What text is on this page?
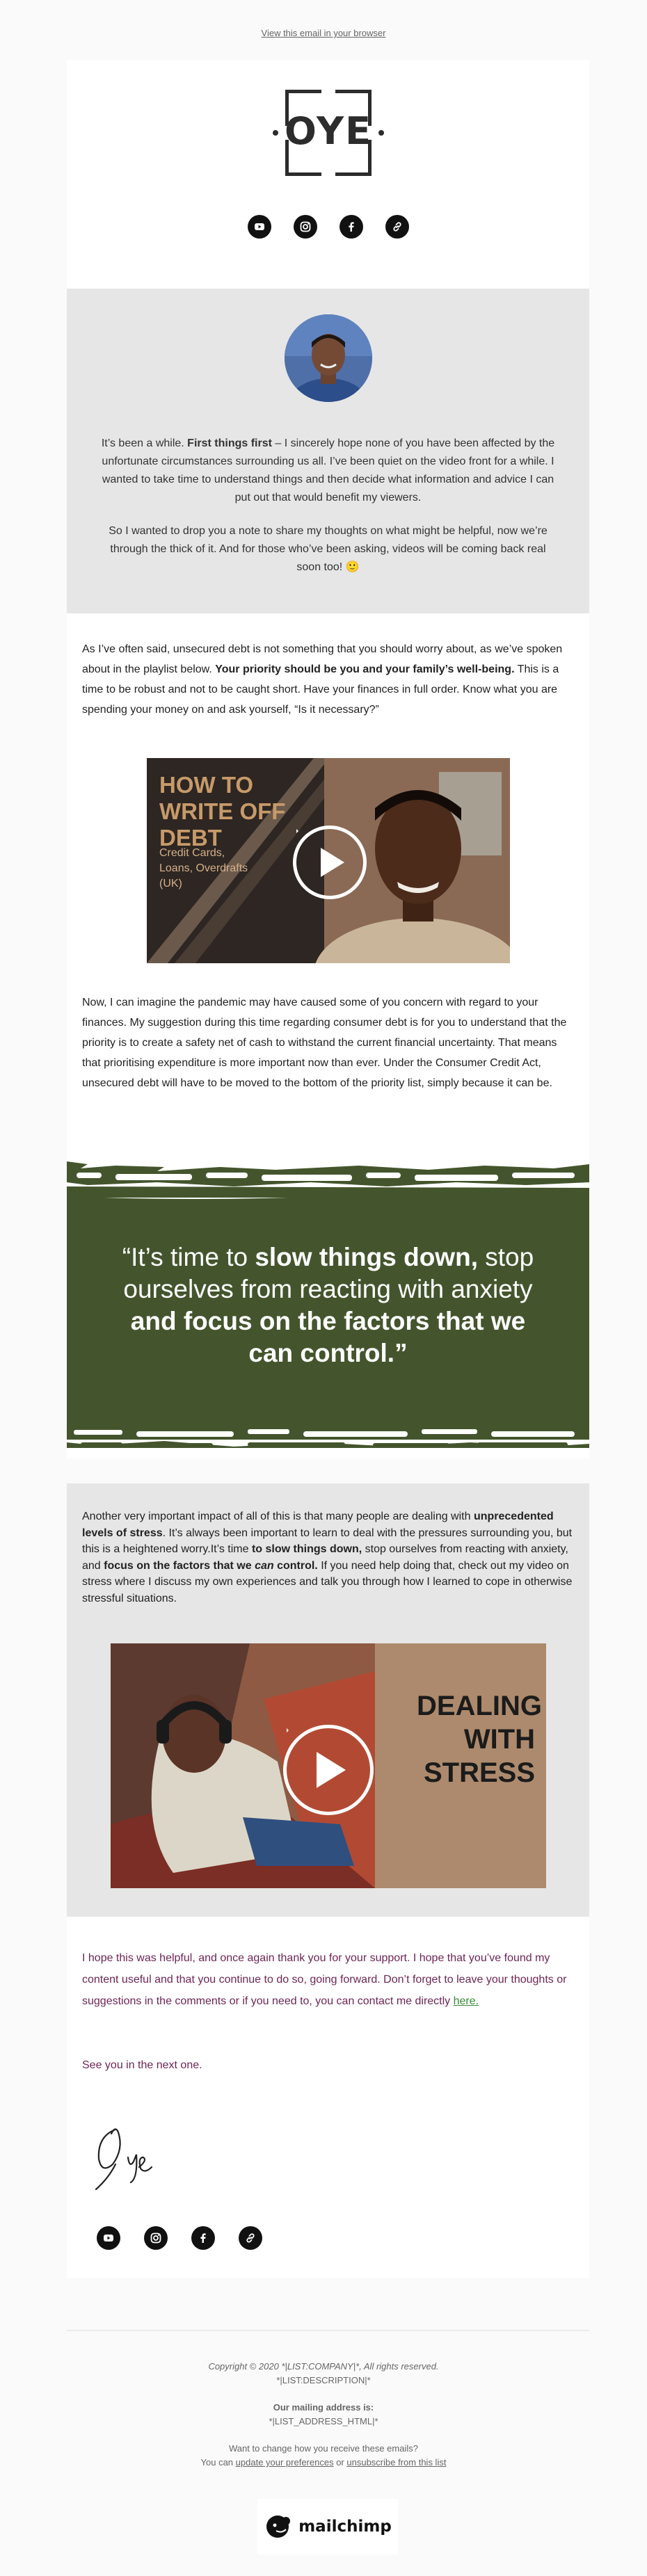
View this email in your browser
OYE

It’s been a while. First things first – I sincerely hope none of you have been affected by the unfortunate circumstances surrounding us all. I’ve been quiet on the video front for a while. I wanted to take time to understand things and then decide what information and advice I can put out that would benefit my viewers.

So I wanted to drop you a note to share my thoughts on what might be helpful, now we’re through the thick of it. And for those who’ve been asking, videos will be coming back real soon too! 🙂

As I’ve often said, unsecured debt is not something that you should worry about, as we’ve spoken about in the playlist below. Your priority should be you and your family’s well-being. This is a time to be robust and not to be caught short. Have your finances in full order. Know what you are spending your money on and ask yourself, “Is it necessary?”
HOW TO WRITE OFF DEBT
Credit Cards, Loans, Overdrafts (UK)
Now, I can imagine the pandemic may have caused some of you concern with regard to your finances. My suggestion during this time regarding consumer debt is for you to understand that the priority is to create a safety net of cash to withstand the current financial uncertainty. That means that prioritising expenditure is more important now than ever. Under the Consumer Credit Act, unsecured debt will have to be moved to the bottom of the priority list, simply because it can be.
“It’s time to slow things down, stop ourselves from reacting with anxiety and focus on the factors that we can control.”
Another very important impact of all of this is that many people are dealing with unprecedented levels of stress. It’s always been important to learn to deal with the pressures surrounding you, but this is a heightened worry.It’s time to slow things down, stop ourselves from reacting with anxiety, and focus on the factors that we can control. If you need help doing that, check out my video on stress where I discuss my own experiences and talk you through how I learned to cope in otherwise stressful situations.
DEALING WITH STRESS

I hope this was helpful, and once again thank you for your support. I hope that you’ve found my content useful and that you continue to do so, going forward. Don’t forget to leave your thoughts or suggestions in the comments or if you need to, you can contact me directly here.

See you in the next one.

Copyright © 2020 *|LIST:COMPANY|*, All rights reserved.
*|LIST:DESCRIPTION|*
Our mailing address is:
*|LIST_ADDRESS_HTML|*
Want to change how you receive these emails?
You can update your preferences or unsubscribe from this list
mailchimp
